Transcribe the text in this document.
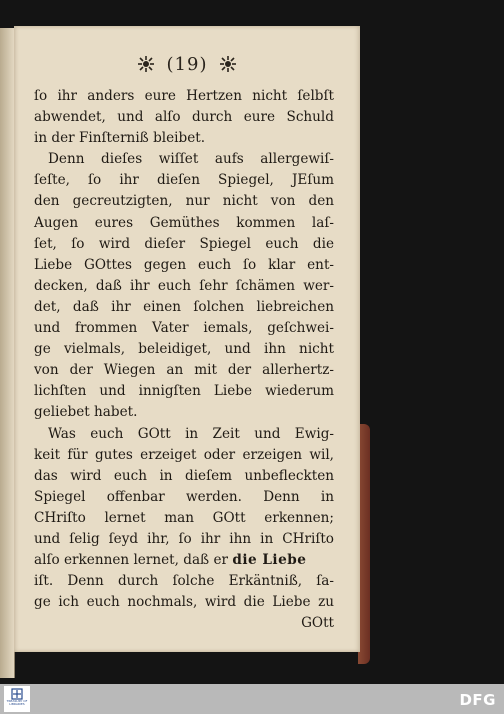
(19)
ſo ihr anders eure Hertzen nicht ſelbſt
abwendet, und alſo durch eure Schuld
in der Finſterniß bleibet.
Denn dieſes wiſſet aufs allergewiſ-
ſeſte, ſo ihr dieſen Spiegel, JEſum
den gecreutzigten, nur nicht von den
Augen eures Gemüthes kommen laſ-
ſet, ſo wird dieſer Spiegel euch die
Liebe GOttes gegen euch ſo klar ent-
decken, daß ihr euch ſehr ſchämen wer-
det, daß ihr einen ſolchen liebreichen
und frommen Vater iemals, geſchwei-
ge vielmals, beleidiget, und ihn nicht
von der Wiegen an mit der allerhertz-
lichſten und innigſten Liebe wiederum
geliebet habet.
Was euch GOtt in Zeit und Ewig-
keit für gutes erzeiget oder erzeigen wil,
das wird euch in dieſem unbefleckten
Spiegel offenbar werden. Denn in
CHriſto lernet man GOtt erkennen;
und ſelig ſeyd ihr, ſo ihr ihn in CHriſto
alſo erkennen lernet, daß er die Liebe
iſt. Denn durch ſolche Erkäntniß, ſa-
ge ich euch nochmals, wird die Liebe zu
GOtt
TREASURY OF
LIBRARIES	DFG
